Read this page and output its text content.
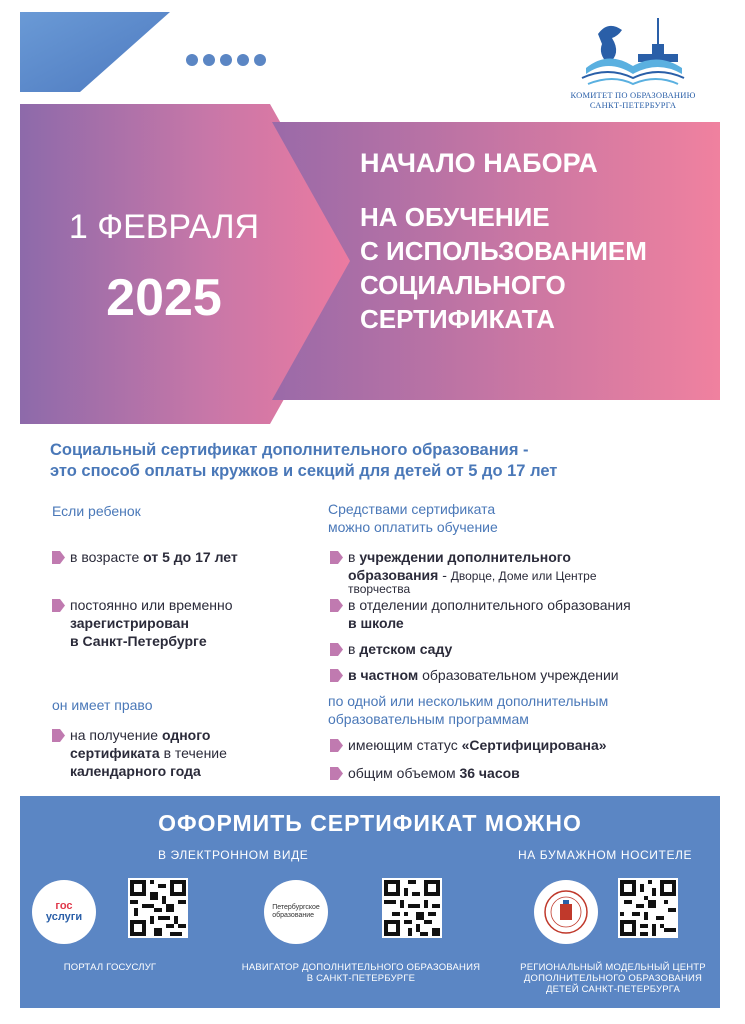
КОМИТЕТ ПО ОБРАЗОВАНИЮ
САНКТ-ПЕТЕРБУРГА
1 ФЕВРАЛЯ
2025
НАЧАЛО НАБОРА
НА ОБУЧЕНИЕ
С ИСПОЛЬЗОВАНИЕМ
СОЦИАЛЬНОГО
СЕРТИФИКАТА
Социальный сертификат дополнительного образования -
это способ оплаты кружков и секций для детей от 5 до 17 лет
Если ребенок
в возрасте от 5 до 17 лет
постоянно или временно
зарегистрирован
в Санкт-Петербурге
он имеет право
на получение одного
сертификата в течение
календарного года
Средствами сертификата
можно оплатить обучение
в учреждении дополнительного
образования - Дворце, Доме или Центре
творчества
в отделении дополнительного образования
в школе
в детском саду
в частном образовательном учреждении
по одной или нескольким дополнительным
образовательным программам
имеющим статус «Сертифицирована»
общим объемом 36 часов
ОФОРМИТЬ СЕРТИФИКАТ МОЖНО
В ЭЛЕКТРОННОМ ВИДЕ	НА БУМАЖНОМ НОСИТЕЛЕ
гос
услуги
Петербургское
образование
ПОРТАЛ ГОСУСЛУГ	НАВИГАТОР ДОПОЛНИТЕЛЬНОГО ОБРАЗОВАНИЯ
В САНКТ-ПЕТЕРБУРГЕ
РЕГИОНАЛЬНЫЙ МОДЕЛЬНЫЙ ЦЕНТР
ДОПОЛНИТЕЛЬНОГО ОБРАЗОВАНИЯ
ДЕТЕЙ САНКТ-ПЕТЕРБУРГА
